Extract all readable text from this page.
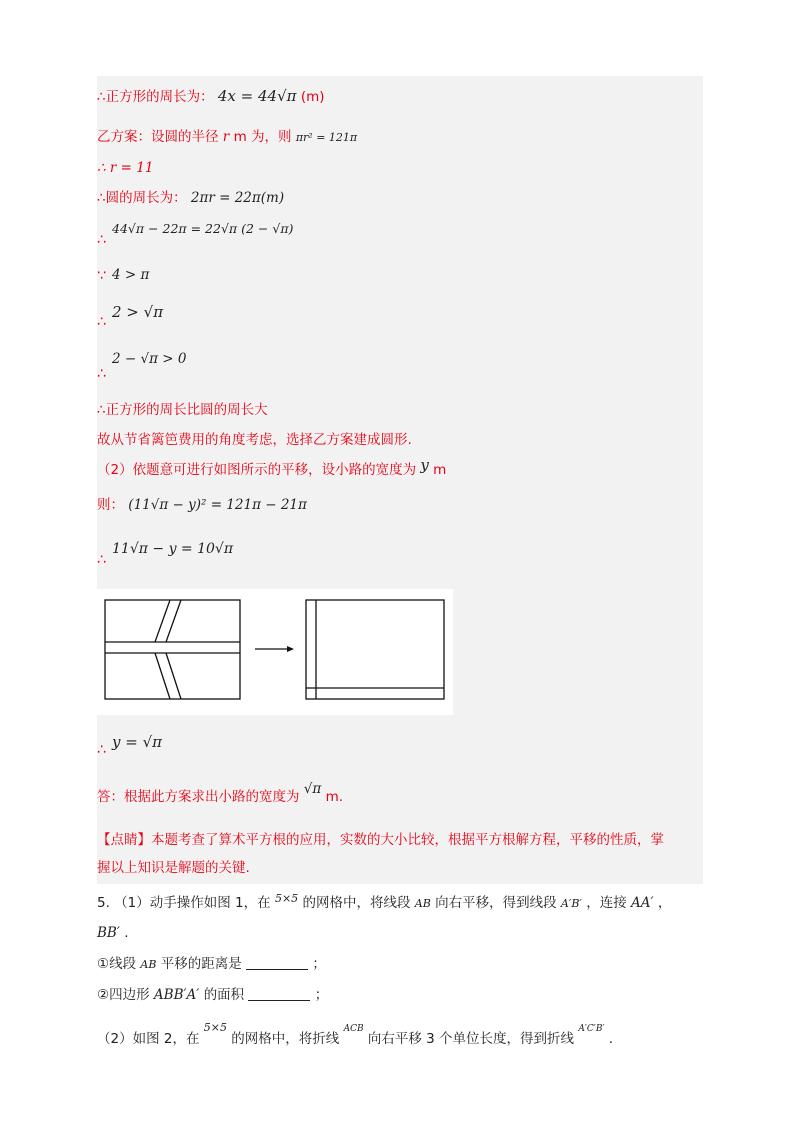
∴正方形的周长为： 4x = 44√π (m)
乙方案：设圆的半径 r m 为，则 πr² = 121π
∴ r = 11
∴圆的周长为： 2πr = 22π(m)
44√π − 22π = 22√π (2 − √π)
∴
∵ 4 > π
2 > √π
∴
2 − √π > 0
∴
∴正方形的周长比圆的周长大
故从节省篱笆费用的角度考虑，选择乙方案建成圆形.
（2）依题意可进行如图所示的平移，设小路的宽度为 y m
则： (11√π − y)² = 121π − 21π
11√π − y = 10√π
∴
y = √π
∴
答：根据此方案求出小路的宽度为 √π m.
【点睛】本题考查了算术平方根的应用，实数的大小比较，根据平方根解方程，平移的性质，掌
握以上知识是解题的关键.
5. （1）动手操作如图 1，在 $^{5\times 5}$ 的网格中，将线段 AB 向右平移，得到线段 A′B′ ，连接 AA′ ，
BB′ .
①线段 AB 平移的距离是	；
②四边形 ABB′A′ 的面积	；
（2）如图 2，在 $^{5\times 5}$ 的网格中，将折线 $^{ACB}$ 向右平移 3 个单位长度，得到折线 $^{A'C'B'}$ .
